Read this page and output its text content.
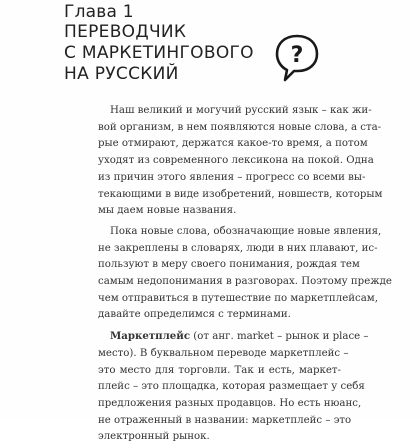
Глава 1
ПЕРЕВОДЧИК
С МАРКЕТИНГОВОГО
НА РУССКИЙ
?
Наш великий и могучий русский язык – как жи-
вой организм, в нем появляются новые слова, а ста-
рые отмирают, держатся какое-то время, а потом
уходят из современного лексикона на покой. Одна
из причин этого явления – прогресс со всеми вы-
текающими в виде изобретений, новшеств, которым
мы даем новые названия.
Пока новые слова, обозначающие новые явления,
не закреплены в словарях, люди в них плавают, ис-
пользуют в меру своего понимания, рождая тем
самым недопонимания в разговорах. Поэтому прежде
чем отправиться в путешествие по маркетплейсам,
давайте определимся с терминами.
Маркетплейс (от анг. market – рынок и place –
место). В буквальном переводе маркетплейс –
это место для торговли. Так и есть, маркет-
плейс – это площадка, которая размещает у себя
предложения разных продавцов. Но есть нюанс,
не отраженный в названии: маркетплейс – это
электронный рынок.
